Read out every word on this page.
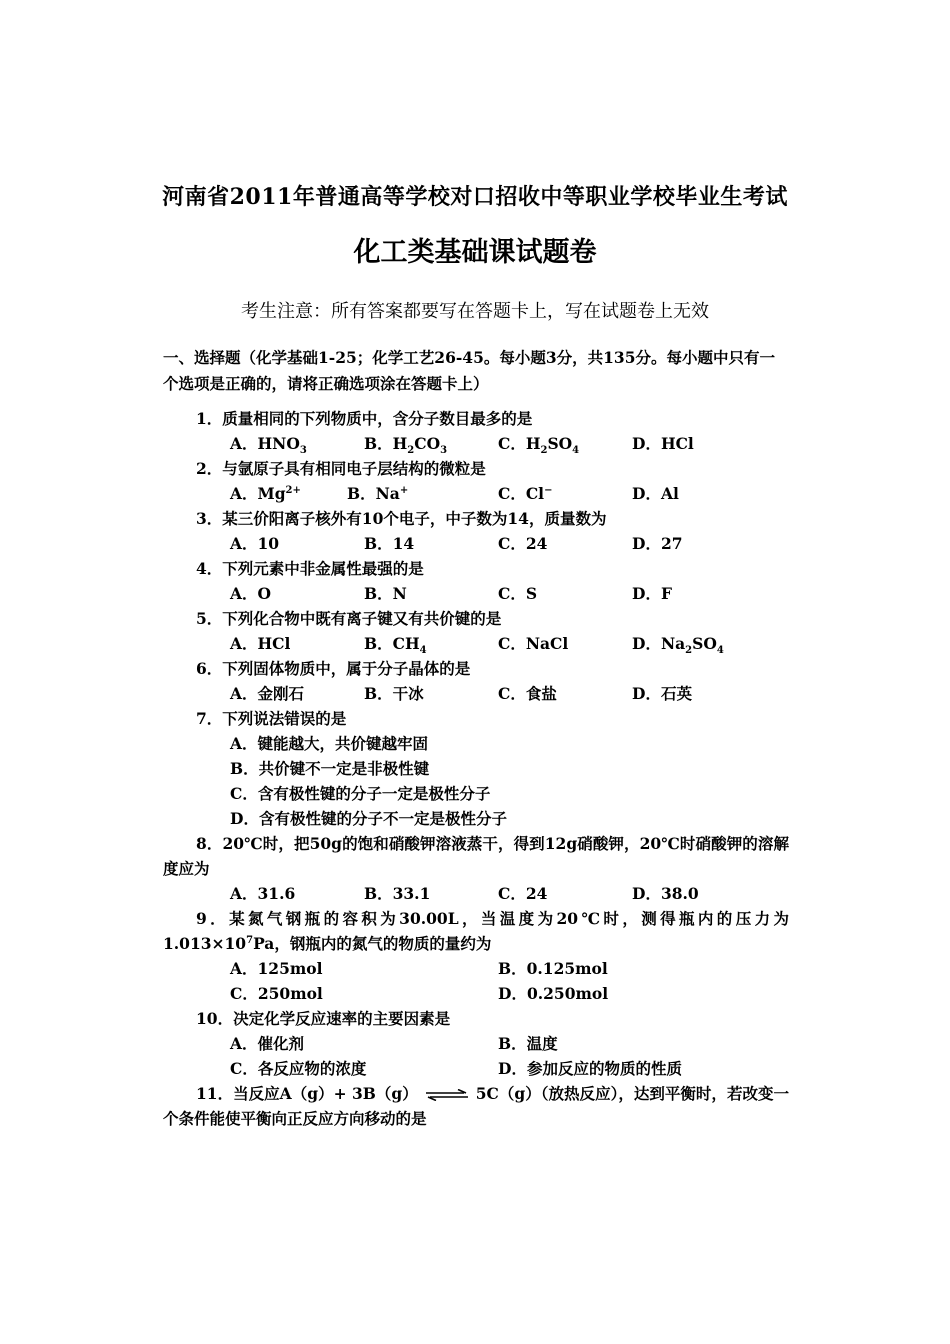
河南省2011年普通高等学校对口招收中等职业学校毕业生考试
化工类基础课试题卷
考生注意：所有答案都要写在答题卡上，写在试题卷上无效
一、选择题（化学基础1-25；化学工艺26-45。每小题3分，共135分。每小题中只有一个选项是正确的，请将正确选项涂在答题卡上）
1．质量相同的下列物质中，含分子数目最多的是
A．$HNO_3$	B．$H_2CO_3$	C．$H_2SO_4$	D．HCl
2．与氩原子具有相同电子层结构的微粒是
A．$Mg^{2+}$	B．Na+	C．Cl−	D．Al
3．某三价阳离子核外有10个电子，中子数为14，质量数为
A．10	B．14	C．24	D．27
4．下列元素中非金属性最强的是
A．O	B．N	C．S	D．F
5．下列化合物中既有离子键又有共价键的是
A．HCl	B．$CH_4$	C．NaCl	D．$Na_2SO_4$
6．下列固体物质中，属于分子晶体的是
A．金刚石	B．干冰	C．食盐	D．石英
7．下列说法错误的是
A．键能越大，共价键越牢固
B．共价键不一定是非极性键
C．含有极性键的分子一定是极性分子
D．含有极性键的分子不一定是极性分子
8．20℃时，把50g的饱和硝酸钾溶液蒸干，得到12g硝酸钾，20℃时硝酸钾的溶解度应为
A．31.6	B．33.1	C．24	D．38.0
9．某氮气钢瓶的容积为30.00L，当温度为20℃时，测得瓶内的压力为$1.013\times 10^7Pa$，钢瓶内的氮气的物质的量约为
A．125mol	B．0.125mol
C．250mol	D．0.250mol
10．决定化学反应速率的主要因素是
A．催化剂	B．温度
C．各反应物的浓度	D．参加反应的物质的性质
11．当反应A（g）+ 3B（g） ⇌ 5C（g）（放热反应），达到平衡时，若改变一个条件能使平衡向正反应方向移动的是
